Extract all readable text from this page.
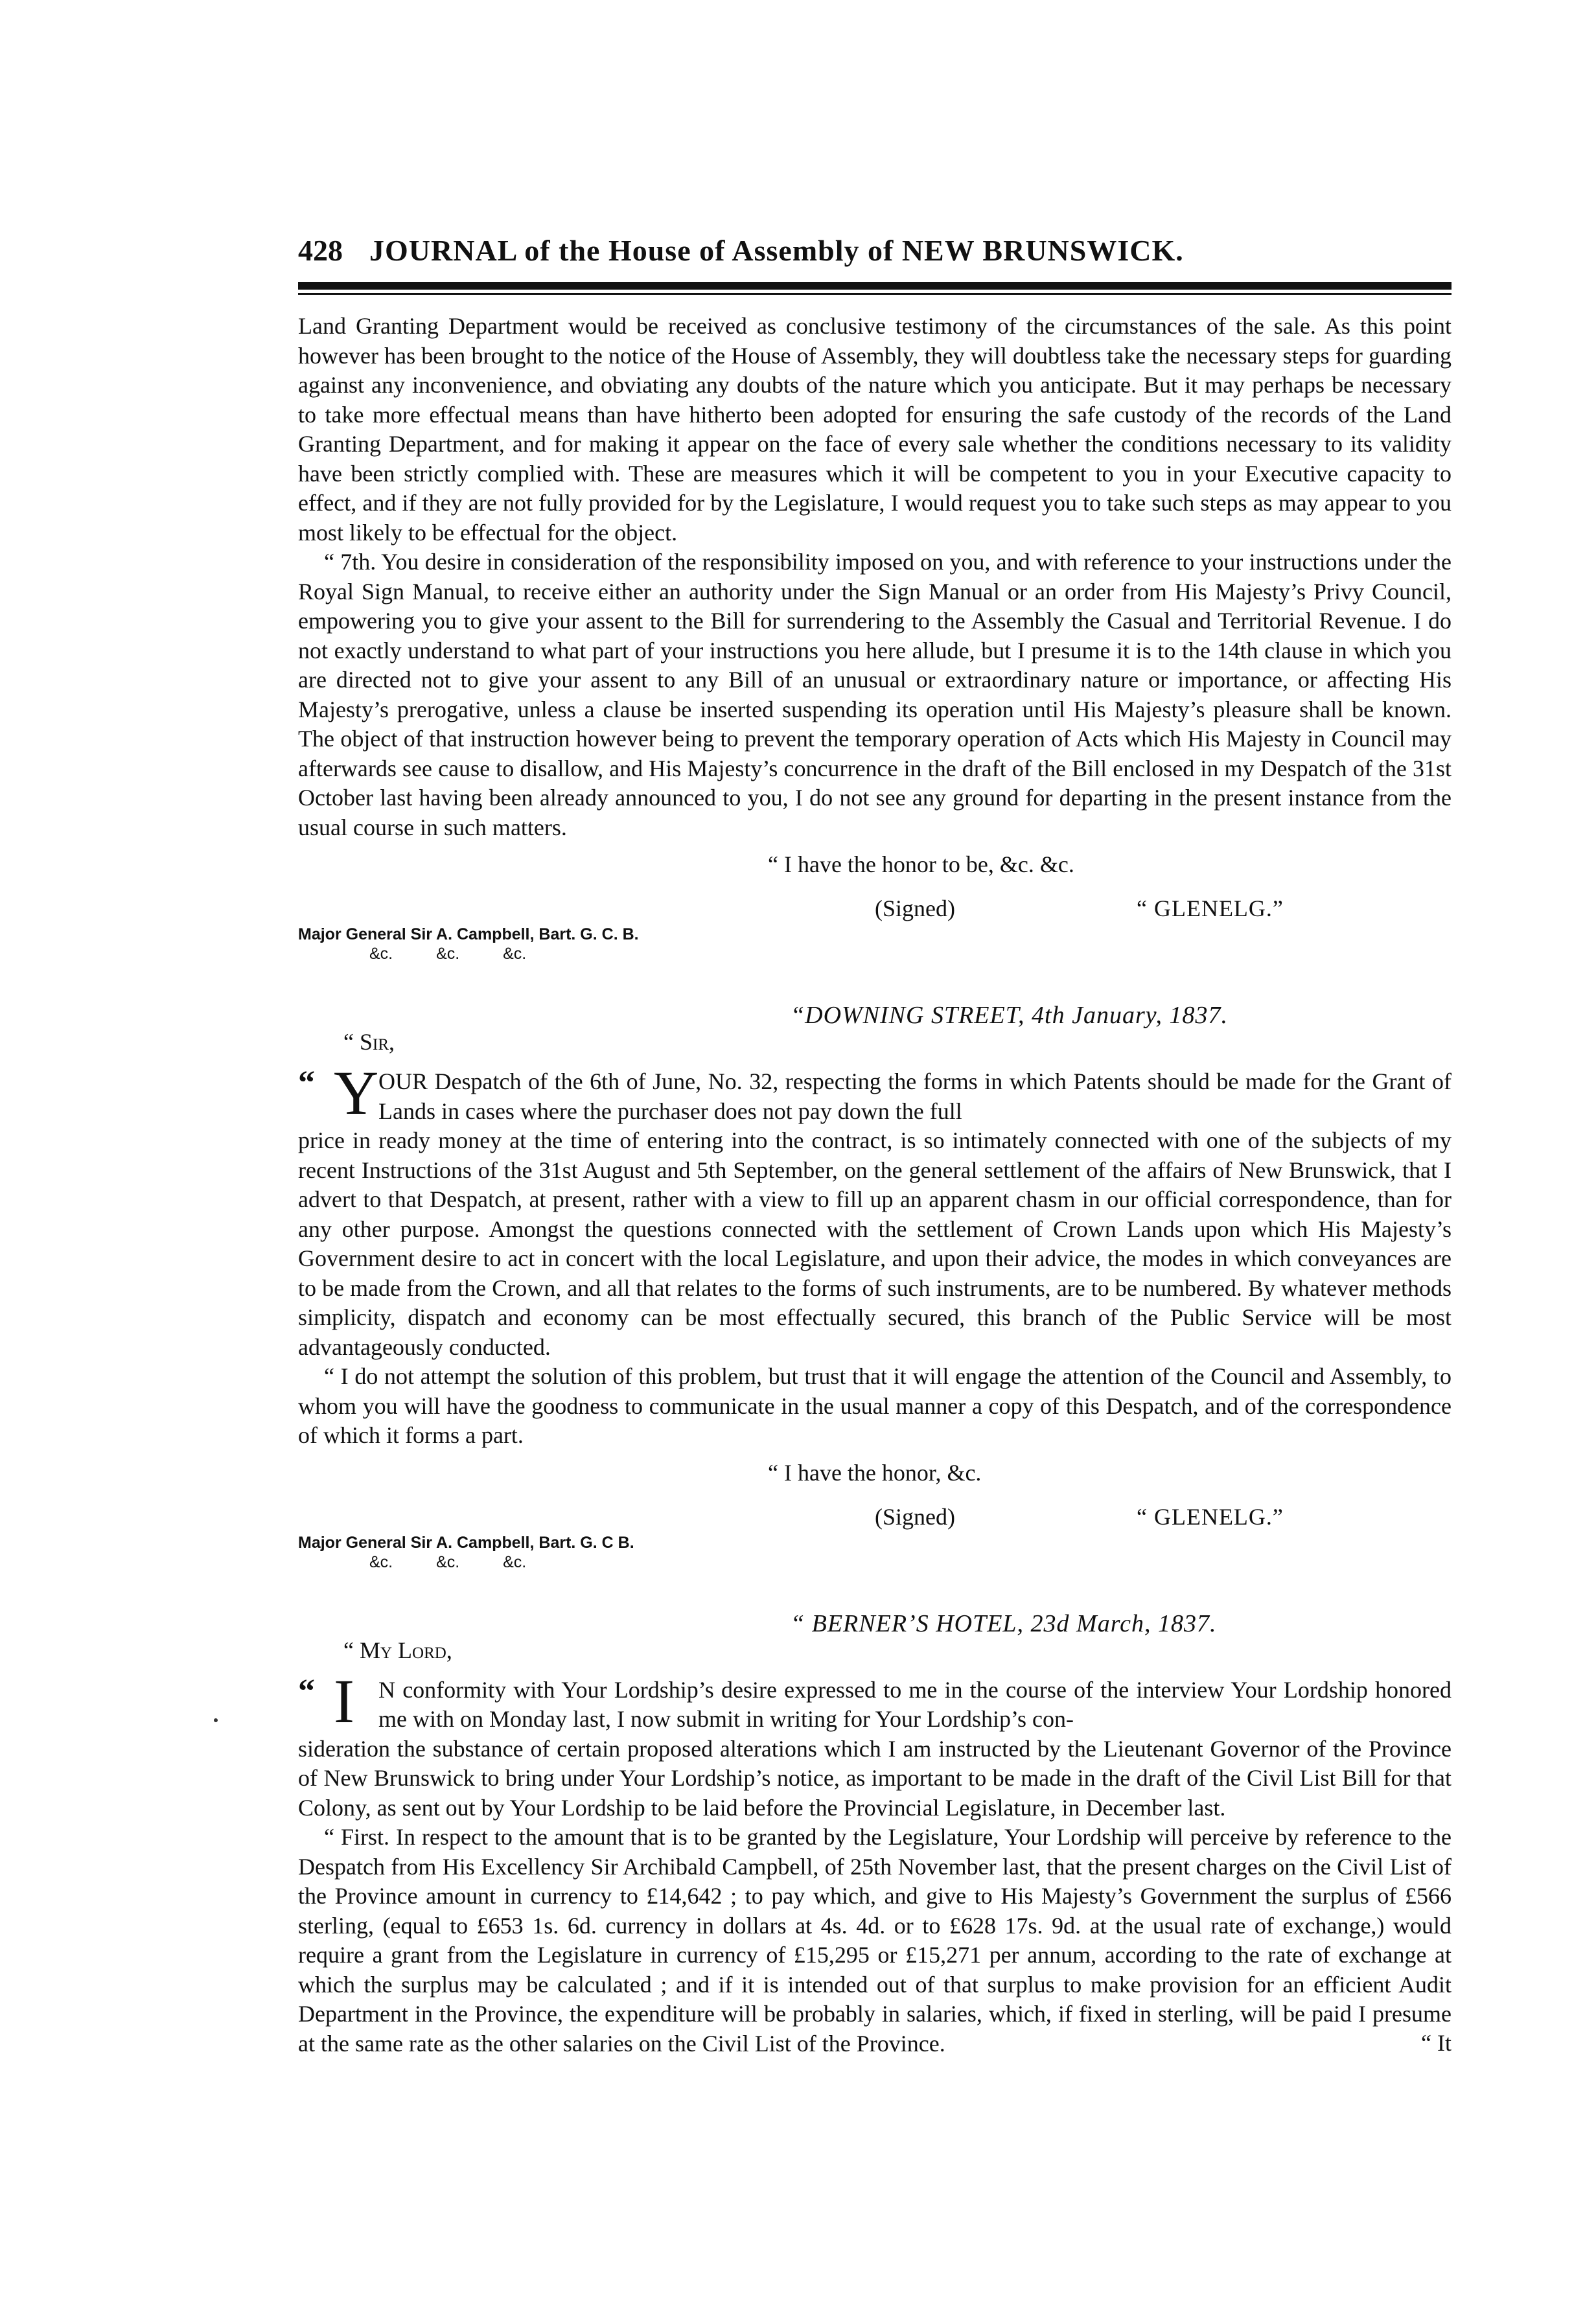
428 JOURNAL of the House of Assembly of NEW BRUNSWICK.

Land Granting Department would be received as conclusive testimony of the circumstances of the sale. As this point however has been brought to the notice of the House of Assembly, they will doubtless take the necessary steps for guarding against any inconvenience, and obviating any doubts of the nature which you anticipate. But it may perhaps be necessary to take more effectual means than have hitherto been adopted for ensuring the safe custody of the records of the Land Granting Department, and for making it appear on the face of every sale whether the conditions necessary to its validity have been strictly complied with. These are measures which it will be competent to you in your Executive capacity to effect, and if they are not fully provided for by the Legislature, I would request you to take such steps as may appear to you most likely to be effectual for the object.

“ 7th. You desire in consideration of the responsibility imposed on you, and with reference to your instructions under the Royal Sign Manual, to receive either an authority under the Sign Manual or an order from His Majesty’s Privy Council, empowering you to give your assent to the Bill for surrendering to the Assembly the Casual and Territorial Revenue. I do not exactly understand to what part of your instructions you here allude, but I presume it is to the 14th clause in which you are directed not to give your assent to any Bill of an unusual or extraordinary nature or importance, or affecting His Majesty’s prerogative, unless a clause be inserted suspending its operation until His Majesty’s pleasure shall be known. The object of that instruction however being to prevent the temporary operation of Acts which His Majesty in Council may afterwards see cause to disallow, and His Majesty’s concurrence in the draft of the Bill enclosed in my Despatch of the 31st October last having been already announced to you, I do not see any ground for departing in the present instance from the usual course in such matters.

“ I have the honor to be, &c. &c.
(Signed)	“ GLENELG.”
Major General Sir A. Campbell, Bart. G. C. B.
&c. &c. &c.
“DOWNING STREET, 4th January, 1837.
“ Sir,
“ Y OUR Despatch of the 6th of June, No. 32, respecting the forms in which Patents should be made for the Grant of Lands in cases where the purchaser does not pay down the full
price in ready money at the time of entering into the contract, is so intimately connected with one of the subjects of my recent Instructions of the 31st August and 5th September, on the general settlement of the affairs of New Brunswick, that I advert to that Despatch, at present, rather with a view to fill up an apparent chasm in our official correspondence, than for any other purpose. Amongst the questions connected with the settlement of Crown Lands upon which His Majesty’s Government desire to act in concert with the local Legislature, and upon their advice, the modes in which conveyances are to be made from the Crown, and all that relates to the forms of such instruments, are to be numbered. By whatever methods simplicity, dispatch and economy can be most effectually secured, this branch of the Public Service will be most advantageously conducted.

“ I do not attempt the solution of this problem, but trust that it will engage the attention of the Council and Assembly, to whom you will have the goodness to communicate in the usual manner a copy of this Despatch, and of the correspondence of which it forms a part.

“ I have the honor, &c.
(Signed)	“ GLENELG.”
Major General Sir A. Campbell, Bart. G. C B.
&c. &c. &c.
“ BERNER’S HOTEL, 23d March, 1837.
“ My Lord,
“ I	N conformity with Your Lordship’s desire expressed to me in the course of the interview Your Lordship honored me with on Monday last, I now submit in writing for Your Lordship’s con-
sideration the substance of certain proposed alterations which I am instructed by the Lieutenant Governor of the Province of New Brunswick to bring under Your Lordship’s notice, as important to be made in the draft of the Civil List Bill for that Colony, as sent out by Your Lordship to be laid before the Provincial Legislature, in December last.

“ First. In respect to the amount that is to be granted by the Legislature, Your Lordship will perceive by reference to the Despatch from His Excellency Sir Archibald Campbell, of 25th November last, that the present charges on the Civil List of the Province amount in currency to £14,642 ; to pay which, and give to His Majesty’s Government the surplus of £566 sterling, (equal to £653 1s. 6d. currency in dollars at 4s. 4d. or to £628 17s. 9d. at the usual rate of exchange,) would require a grant from the Legislature in currency of £15,295 or £15,271 per annum, according to the rate of exchange at which the surplus may be calculated ; and if it is intended out of that surplus to make provision for an efficient Audit Department in the Province, the expenditure will be probably in salaries, which, if fixed in sterling, will be paid I presume at the same rate as the other salaries on the Civil List of the Province.	“ It
